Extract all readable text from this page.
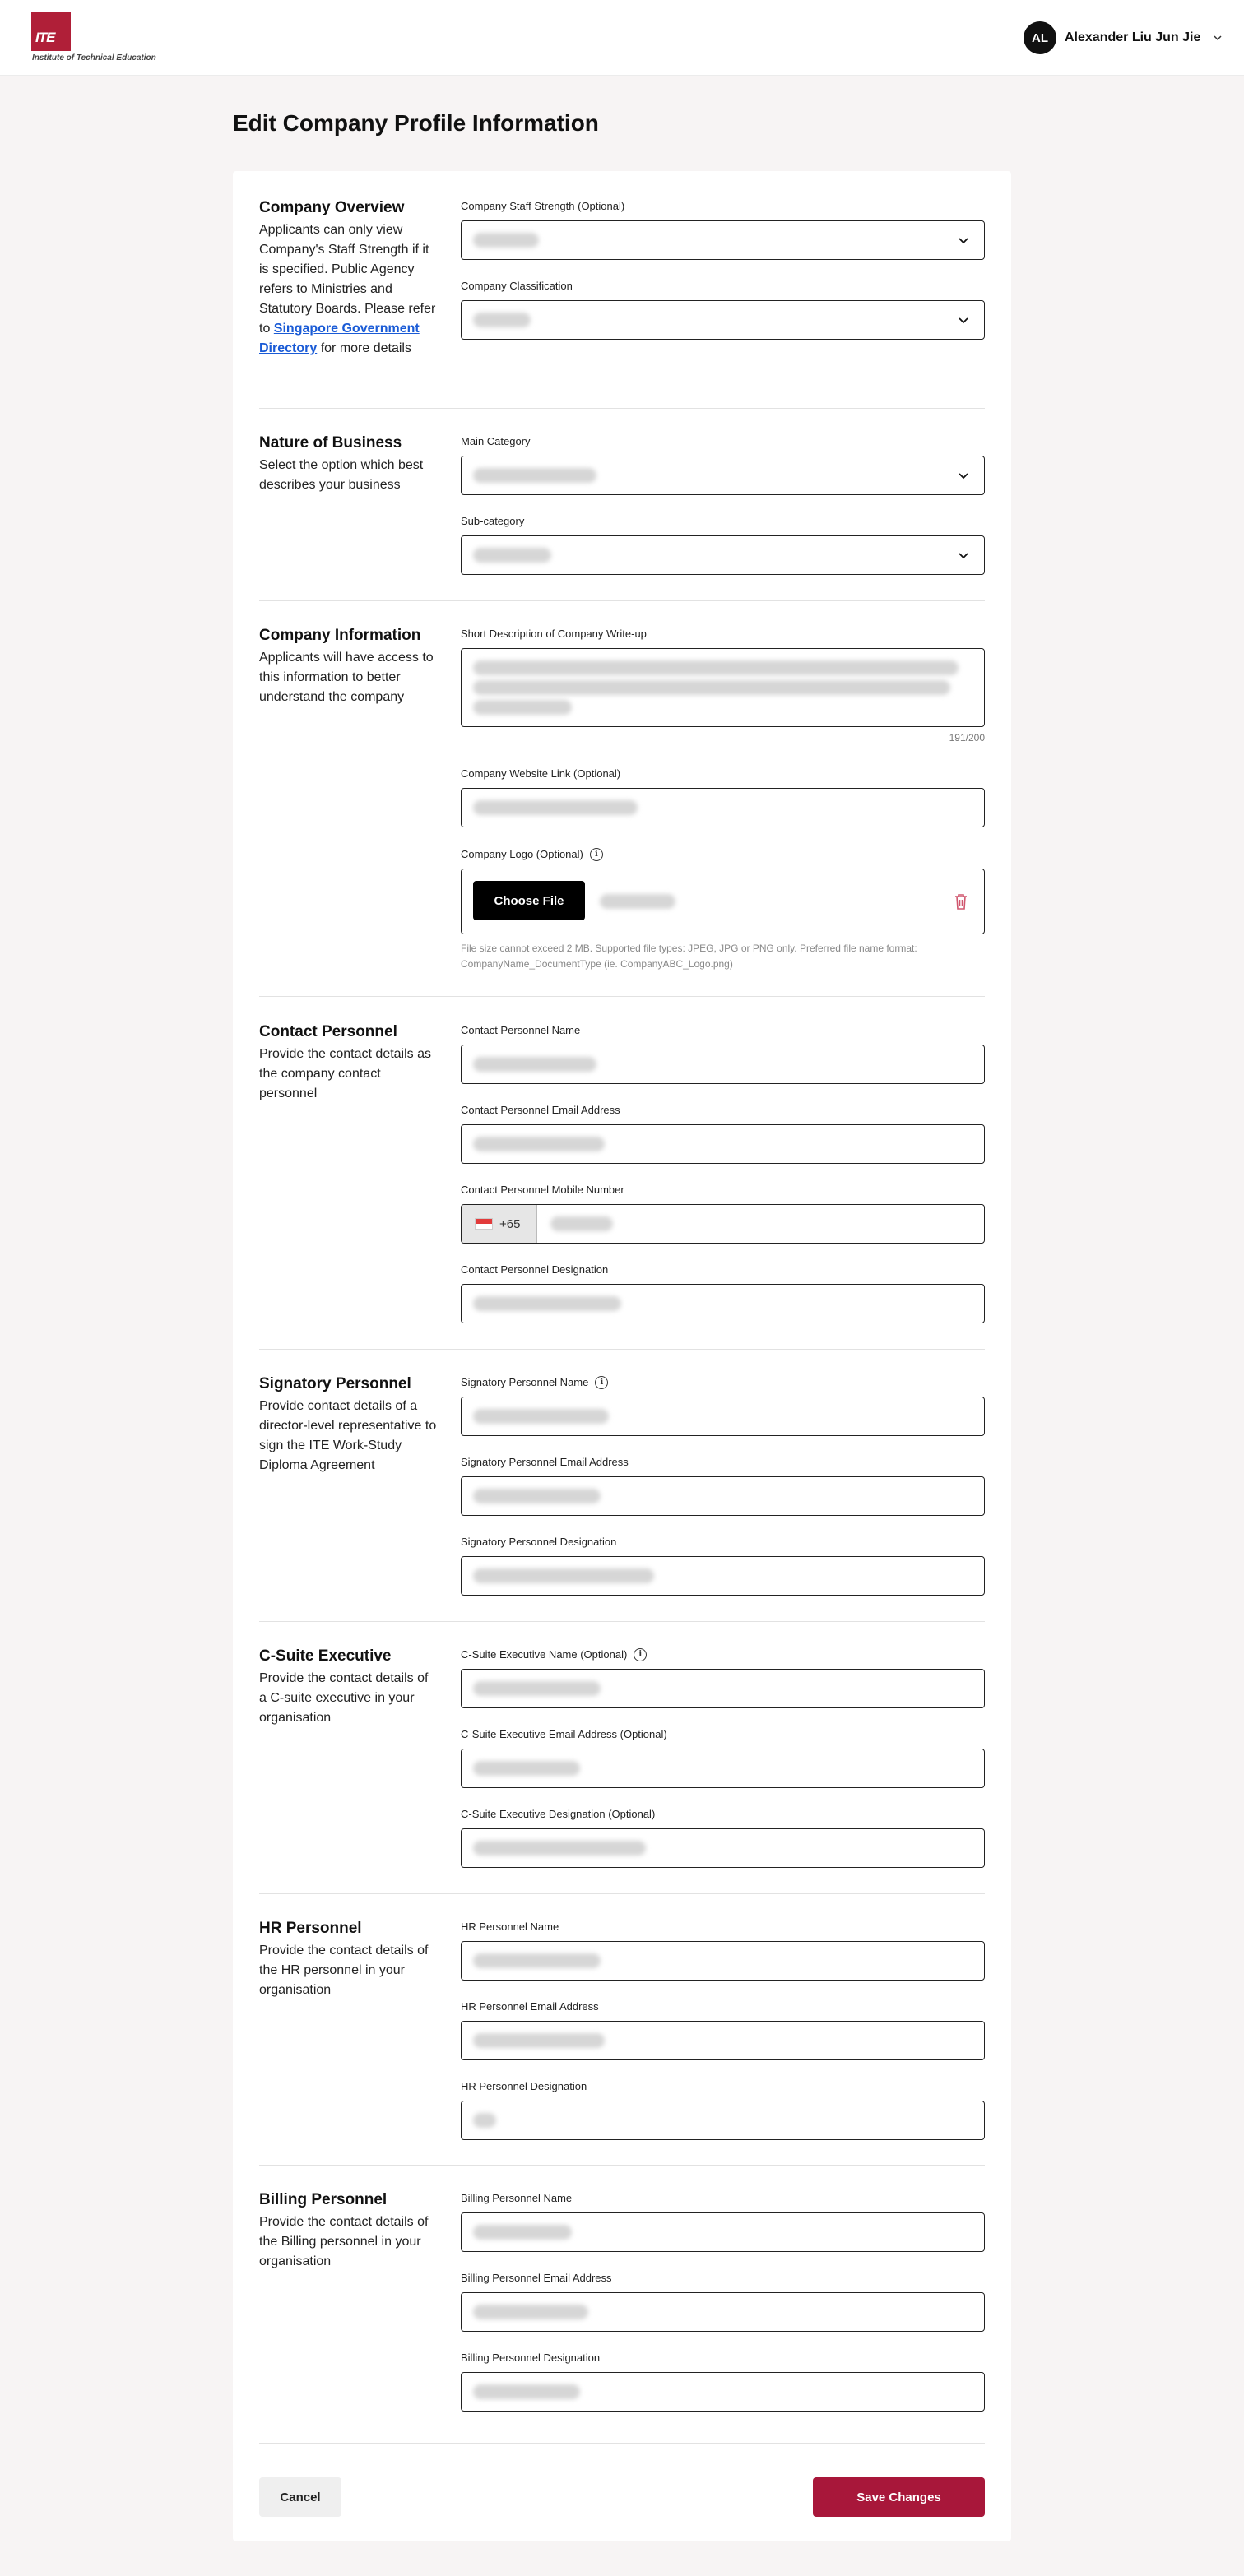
ITE
Institute of Technical Education
AL	Alexander Liu Jun Jie
Edit Company Profile Information
Company Overview
Applicants can only view Company's Staff Strength if it is specified. Public Agency refers to Ministries and Statutory Boards. Please refer to Singapore Government Directory for more details
Company Staff Strength (Optional)
Company Classification
Nature of Business
Select the option which best describes your business
Main Category
Sub-category
Company Information
Applicants will have access to this information to better understand the company
Short Description of Company Write-up
191/200
Company Website Link (Optional)
Company Logo (Optional)	i
Choose File
File size cannot exceed 2 MB. Supported file types: JPEG, JPG or PNG only. Preferred file name format: CompanyName_DocumentType (ie. CompanyABC_Logo.png)
Contact Personnel
Provide the contact details as the company contact personnel
Contact Personnel Name
Contact Personnel Email Address
Contact Personnel Mobile Number
+65
Contact Personnel Designation
Signatory Personnel
Provide contact details of a director-level representative to sign the ITE Work-Study Diploma Agreement
Signatory Personnel Name	i
Signatory Personnel Email Address
Signatory Personnel Designation
C-Suite Executive
Provide the contact details of a C-suite executive in your organisation
C-Suite Executive Name (Optional)	i
C-Suite Executive Email Address (Optional)
C-Suite Executive Designation (Optional)
HR Personnel
Provide the contact details of the HR personnel in your organisation
HR Personnel Name
HR Personnel Email Address
HR Personnel Designation
Billing Personnel
Provide the contact details of the Billing personnel in your organisation
Billing Personnel Name
Billing Personnel Email Address
Billing Personnel Designation
Cancel	Save Changes
